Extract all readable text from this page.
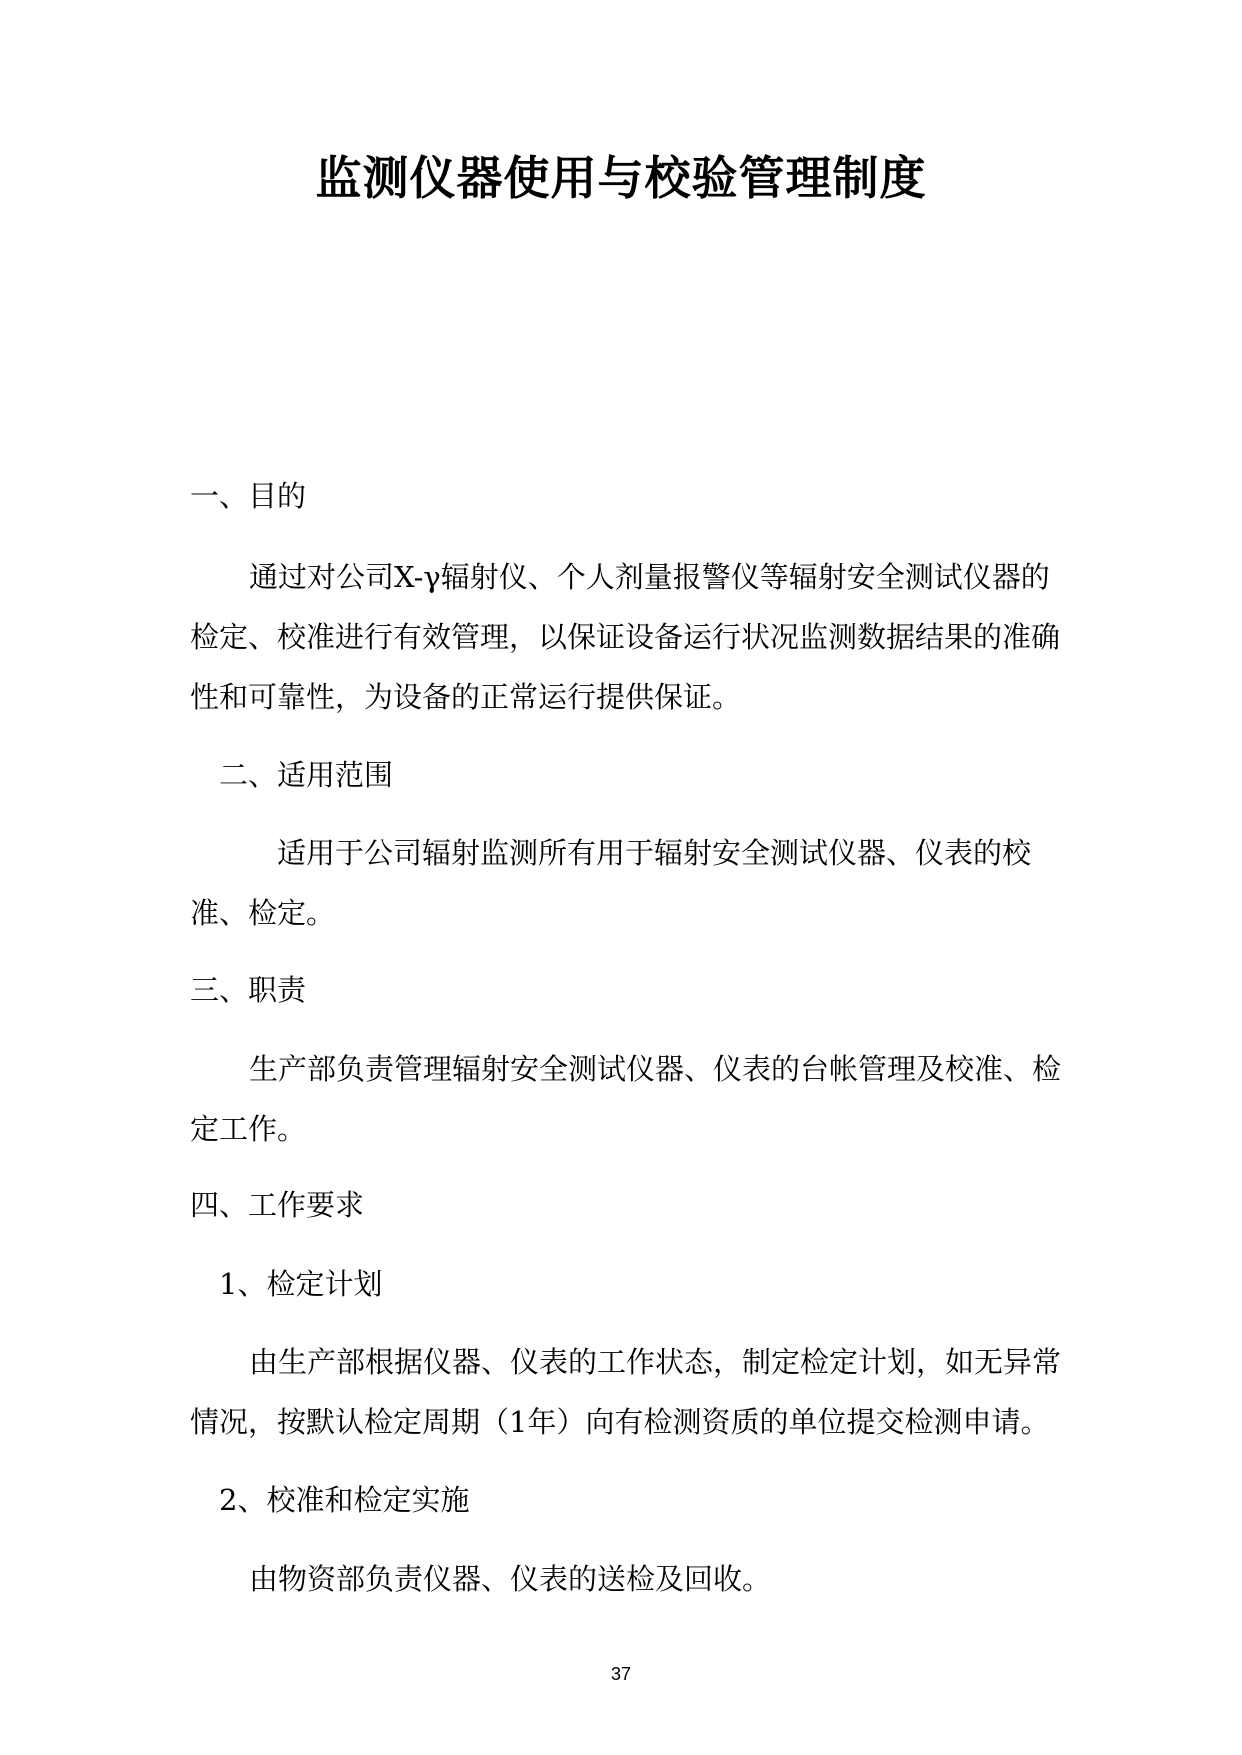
监测仪器使用与校验管理制度

一、目的

通过对公司X-γ辐射仪、个人剂量报警仪等辐射安全测试仪器的

检定、校准进行有效管理，以保证设备运行状况监测数据结果的准确

性和可靠性，为设备的正常运行提供保证。

二、适用范围

适用于公司辐射监测所有用于辐射安全测试仪器、仪表的校

准、检定。

三、职责

生产部负责管理辐射安全测试仪器、仪表的台帐管理及校准、检

定工作。

四、工作要求

1、检定计划

由生产部根据仪器、仪表的工作状态，制定检定计划，如无异常

情况，按默认检定周期（1年）向有检测资质的单位提交检测申请。

2、校准和检定实施

由物资部负责仪器、仪表的送检及回收。

37
